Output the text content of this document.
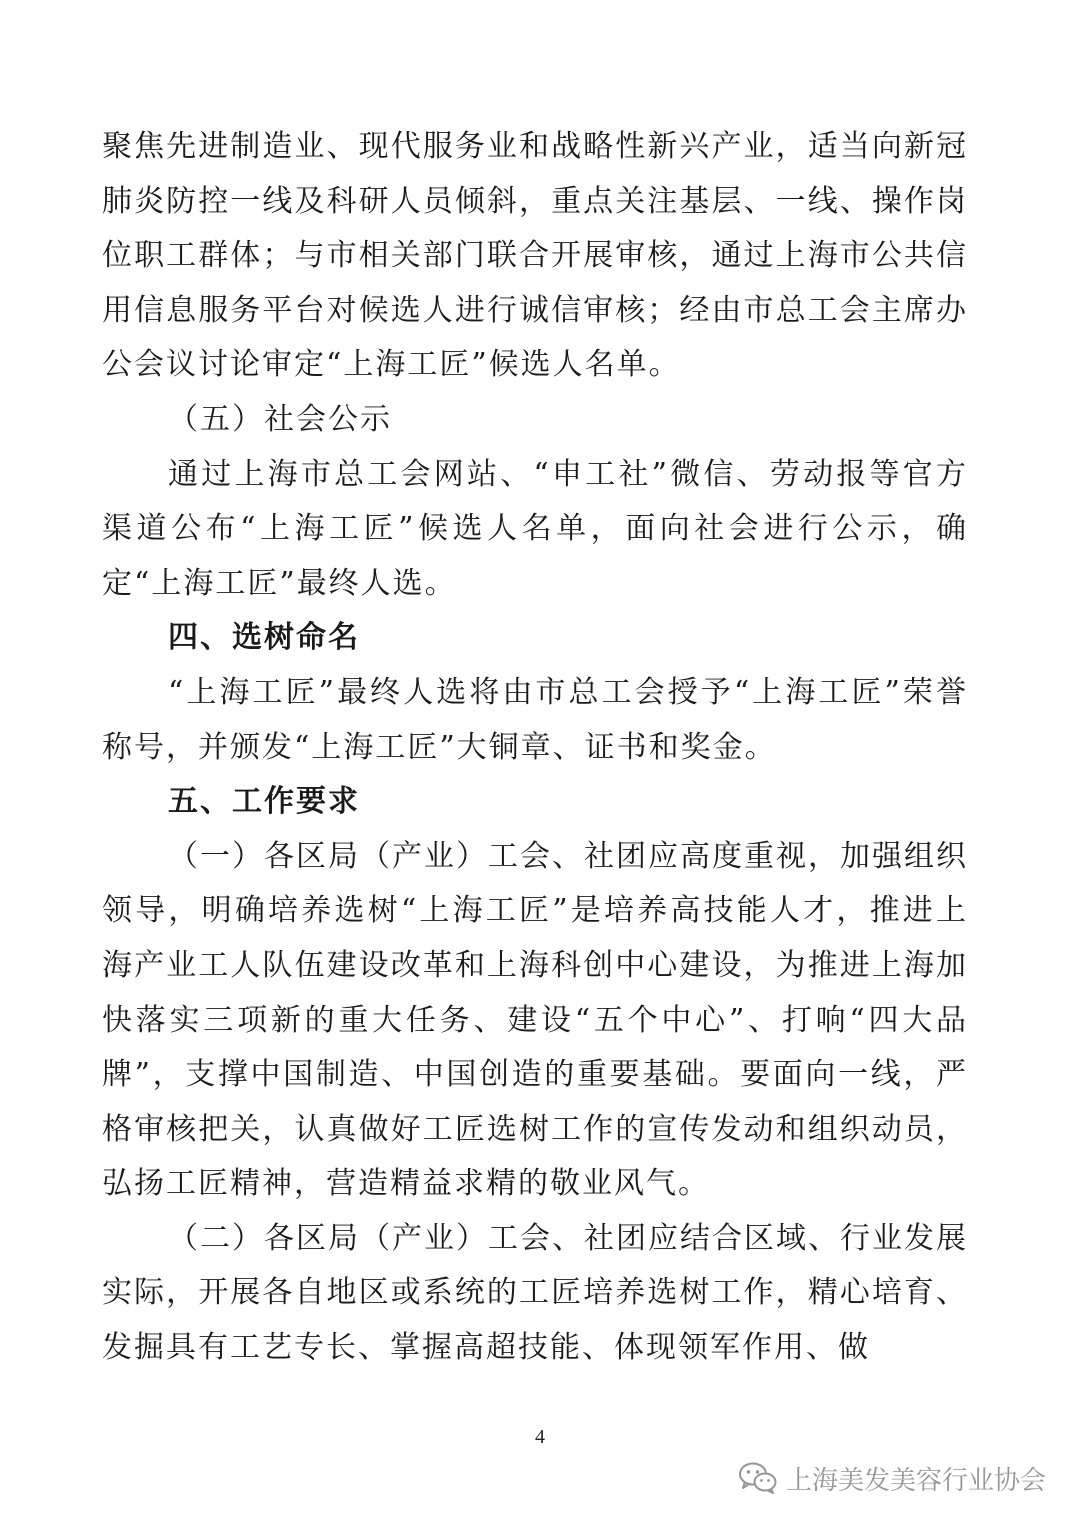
聚焦先进制造业、现代服务业和战略性新兴产业，适当向新冠肺炎防控一线及科研人员倾斜，重点关注基层、一线、操作岗位职工群体；与市相关部门联合开展审核，通过上海市公共信用信息服务平台对候选人进行诚信审核；经由市总工会主席办公会议讨论审定“上海工匠”候选人名单。

（五）社会公示

通过上海市总工会网站、“申工社”微信、劳动报等官方渠道公布“上海工匠”候选人名单，面向社会进行公示，确定“上海工匠”最终人选。

四、选树命名

“上海工匠”最终人选将由市总工会授予“上海工匠”荣誉称号，并颁发“上海工匠”大铜章、证书和奖金。

五、工作要求

（一）各区局（产业）工会、社团应高度重视，加强组织领导，明确培养选树“上海工匠”是培养高技能人才，推进上海产业工人队伍建设改革和上海科创中心建设，为推进上海加快落实三项新的重大任务、建设“五个中心”、打响“四大品牌”，支撑中国制造、中国创造的重要基础。要面向一线，严格审核把关，认真做好工匠选树工作的宣传发动和组织动员，弘扬工匠精神，营造精益求精的敬业风气。

（二）各区局（产业）工会、社团应结合区域、行业发展实际，开展各自地区或系统的工匠培养选树工作，精心培育、发掘具有工艺专长、掌握高超技能、体现领军作用、做

4
上海美发美容行业协会
